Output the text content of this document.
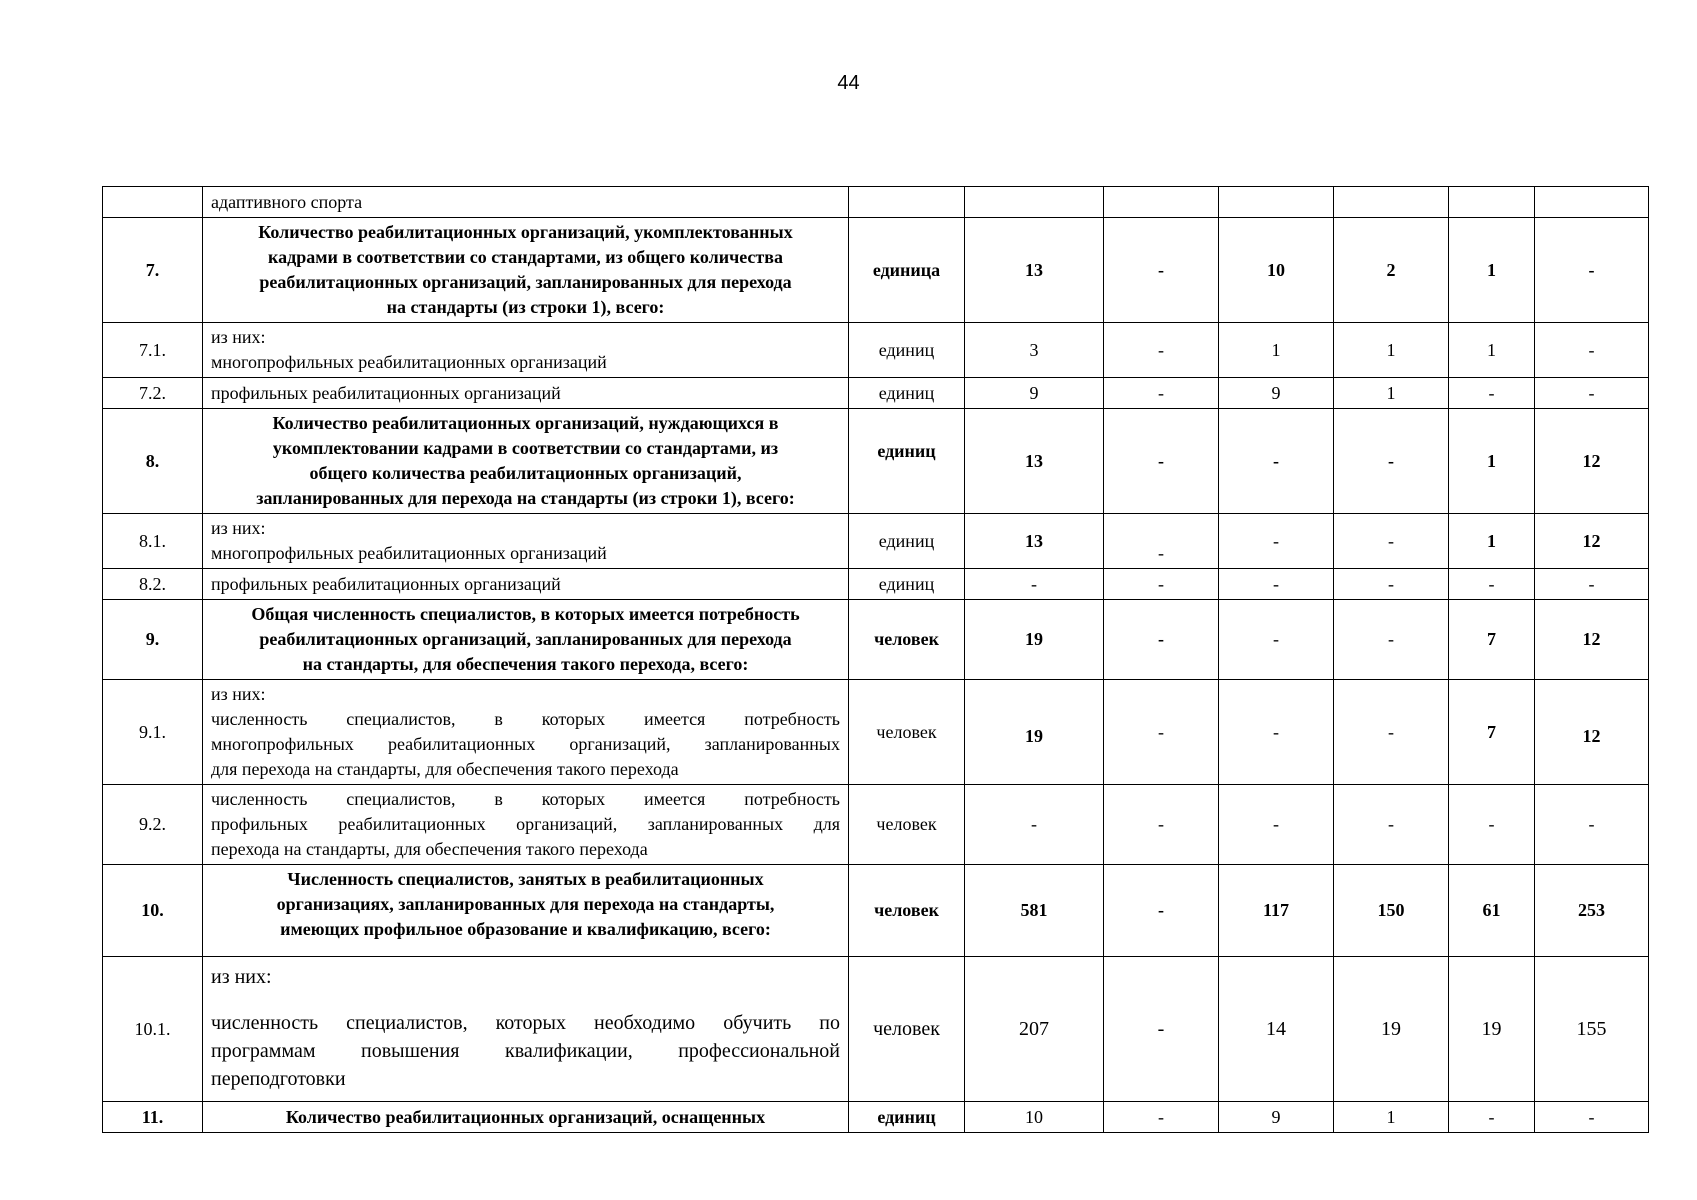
44

	адаптивного спорта							

7.	Количество реабилитационных организаций, укомплектованных
кадрами в соответствии со стандартами, из общего количества
реабилитационных организаций, запланированных для перехода
на стандарты (из строки 1), всего:	единица	13	-	10	2	1	-
7.1.	из них:
многопрофильных реабилитационных организаций	единиц	3	-	1	1	1	-
7.2.	профильных реабилитационных организаций	единиц	9	-	9	1	-	-
8.	Количество реабилитационных организаций, нуждающихся в
укомплектовании кадрами в соответствии со стандартами, из
общего количества реабилитационных организаций,
запланированных для перехода на стандарты (из строки 1), всего:	единиц	13	-	-	-	1	12
8.1.	из них:
многопрофильных реабилитационных организаций	единиц	13	-	-	-	1	12
8.2.	профильных реабилитационных организаций	единиц	-	-	-	-	-	-
9.	Общая численность специалистов, в которых имеется потребность
реабилитационных организаций, запланированных для перехода
на стандарты, для обеспечения такого перехода, всего:	человек	19	-	-	-	7	12
9.1.	из них:
численность специалистов, в которых имеется потребность
многопрофильных реабилитационных организаций, запланированных
для перехода на стандарты, для обеспечения такого перехода	человек	19	-	-	-	7	12
9.2.	численность специалистов, в которых имеется потребность
профильных реабилитационных организаций, запланированных для
перехода на стандарты, для обеспечения такого перехода	человек	-	-	-	-	-	-
10.	Численность специалистов, занятых в реабилитационных
организациях, запланированных для перехода на стандарты,
имеющих профильное образование и квалификацию, всего:	человек	581	-	117	150	61	253
10.1.	из них:
численность специалистов, которых необходимо обучить по
программам повышения квалификации, профессиональной
переподготовки	человек	207	-	14	19	19	155
11.	Количество реабилитационных организаций, оснащенных	единиц	10	-	9	1	-	-
